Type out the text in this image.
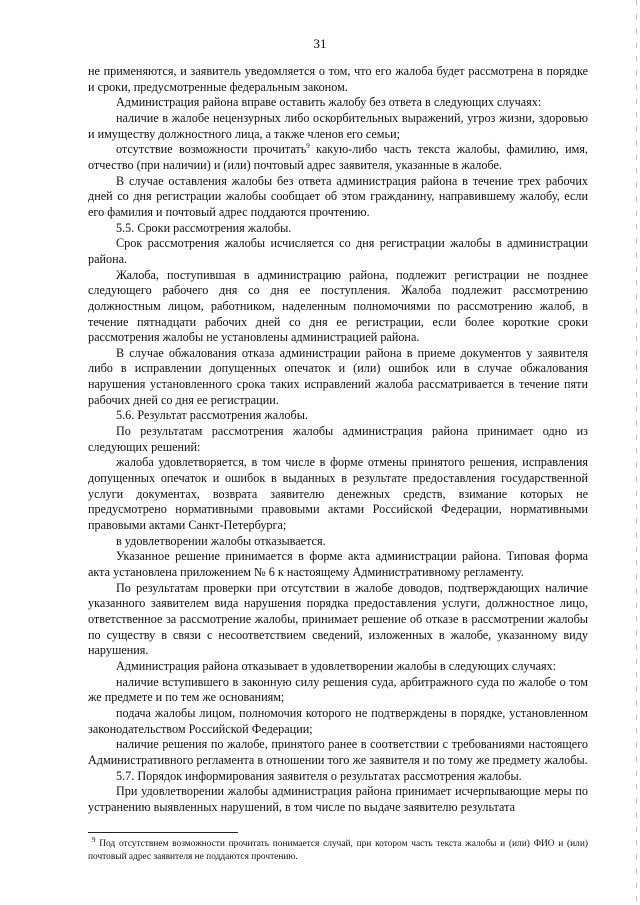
31

не применяются, и заявитель уведомляется о том, что его жалоба будет рассмотрена в порядке и сроки, предусмотренные федеральным законом.

Администрация района вправе оставить жалобу без ответа в следующих случаях:

наличие в жалобе нецензурных либо оскорбительных выражений, угроз жизни, здоровью и имуществу должностного лица, а также членов его семьи;

отсутствие возможности прочитать$^9$ какую-либо часть текста жалобы, фамилию, имя, отчество (при наличии) и (или) почтовый адрес заявителя, указанные в жалобе.

В случае оставления жалобы без ответа администрация района в течение трех рабочих дней со дня регистрации жалобы сообщает об этом гражданину, направившему жалобу, если его фамилия и почтовый адрес поддаются прочтению.

5.5. Сроки рассмотрения жалобы.

Срок рассмотрения жалобы исчисляется со дня регистрации жалобы в администрации района.

Жалоба, поступившая в администрацию района, подлежит регистрации не позднее следующего рабочего дня со дня ее поступления. Жалоба подлежит рассмотрению должностным лицом, работником, наделенным полномочиями по рассмотрению жалоб, в течение пятнадцати рабочих дней со дня ее регистрации, если более короткие сроки рассмотрения жалобы не установлены администрацией района.

В случае обжалования отказа администрации района в приеме документов у заявителя либо в исправлении допущенных опечаток и (или) ошибок или в случае обжалования нарушения установленного срока таких исправлений жалоба рассматривается в течение пяти рабочих дней со дня ее регистрации.

5.6. Результат рассмотрения жалобы.

По результатам рассмотрения жалобы администрация района принимает одно из следующих решений:

жалоба удовлетворяется, в том числе в форме отмены принятого решения, исправления допущенных опечаток и ошибок в выданных в результате предоставления государственной услуги документах, возврата заявителю денежных средств, взимание которых не предусмотрено нормативными правовыми актами Российской Федерации, нормативными правовыми актами Санкт-Петербурга;

в удовлетворении жалобы отказывается.

Указанное решение принимается в форме акта администрации района. Типовая форма акта установлена приложением № 6 к настоящему Административному регламенту.

По результатам проверки при отсутствии в жалобе доводов, подтверждающих наличие указанного заявителем вида нарушения порядка предоставления услуги, должностное лицо, ответственное за рассмотрение жалобы, принимает решение об отказе в рассмотрении жалобы по существу в связи с несоответствием сведений, изложенных в жалобе, указанному виду нарушения.

Администрация района отказывает в удовлетворении жалобы в следующих случаях:

наличие вступившего в законную силу решения суда, арбитражного суда по жалобе о том же предмете и по тем же основаниям;

подача жалобы лицом, полномочия которого не подтверждены в порядке, установленном законодательством Российской Федерации;

наличие решения по жалобе, принятого ранее в соответствии с требованиями настоящего Административного регламента в отношении того же заявителя и по тому же предмету жалобы.

5.7. Порядок информирования заявителя о результатах рассмотрения жалобы.

При удовлетворении жалобы администрация района принимает исчерпывающие меры по устранению выявленных нарушений, в том числе по выдаче заявителю результата

$^9$ Под отсутствием возможности прочитать понимается случай, при котором часть текста жалобы и (или) ФИО и (или) почтовый адрес заявителя не поддаются прочтению.
